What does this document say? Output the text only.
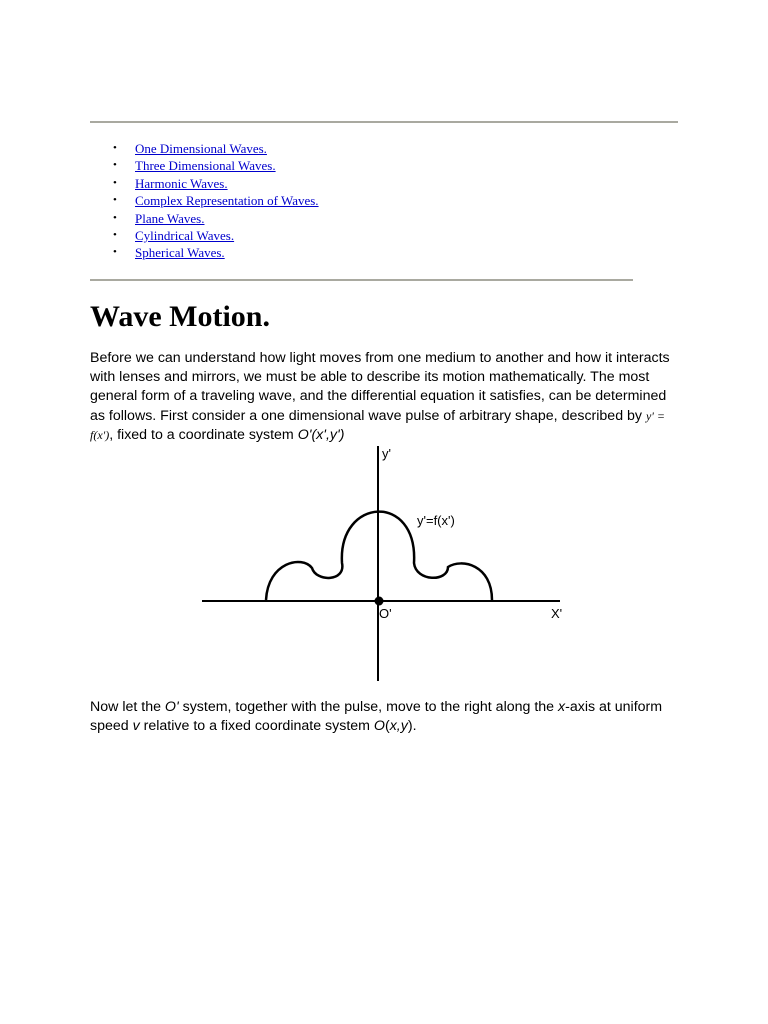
• One Dimensional Waves.
• Three Dimensional Waves.
• Harmonic Waves.
• Complex Representation of Waves.
• Plane Waves.
• Cylindrical Waves.
• Spherical Waves.
Wave Motion.

Before we can understand how light moves from one medium to another and how it interacts with lenses and mirrors, we must be able to describe its motion mathematically. The most general form of a traveling wave, and the differential equation it satisfies, can be determined as follows. First consider a one dimensional wave pulse of arbitrary shape, described by y' = f(x'), fixed to a coordinate system O'(x',y')

y'
X'
O'
y'=f(x')

Now let the O' system, together with the pulse, move to the right along the x-axis at uniform speed v relative to a fixed coordinate system O(x,y).
